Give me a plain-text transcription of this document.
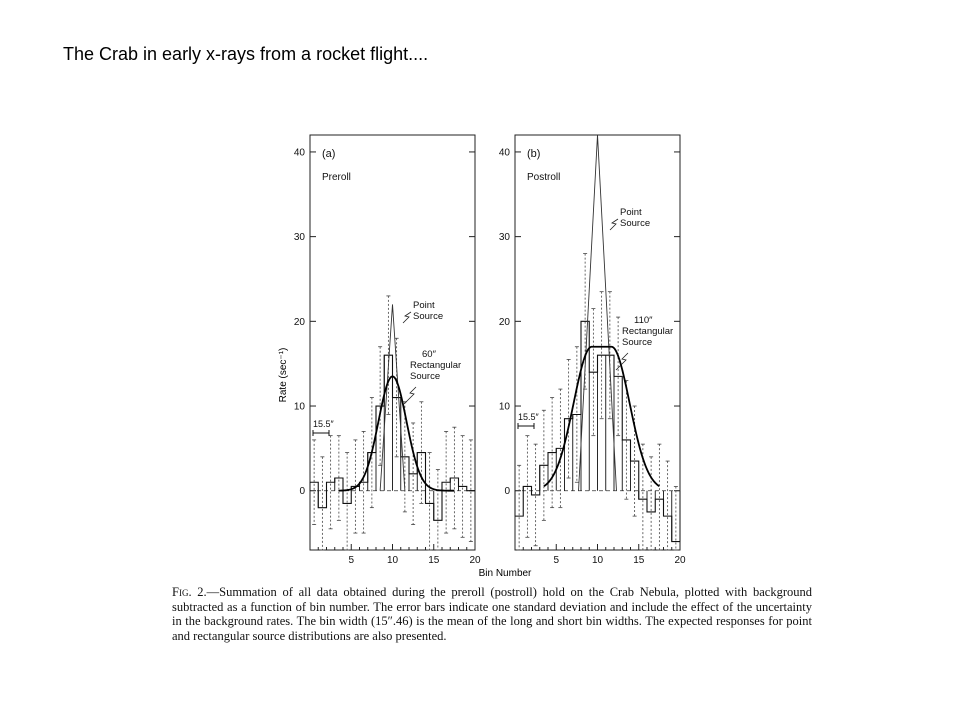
The Crab in early x-rays from a rocket flight....
0
10
20
30
40
5	10	15	20
(a)
Preroll
Point
Source
60″
Rectangular
Source
15.5″
0
10
20
30
40
5	10	15	20
(b)
Postroll
Point
Source
110″
Rectangular
Source
15.5″
Rate (sec⁻¹)
Bin Number

Fig. 2.—Summation of all data obtained during the preroll (postroll) hold on the Crab Nebula, plotted with background subtracted as a function of bin number. The error bars indicate one standard deviation and include the effect of the uncertainty in the background rates. The bin width (15″.46) is the mean of the long and short bin widths. The expected responses for point and rectangular source distributions are also presented.
